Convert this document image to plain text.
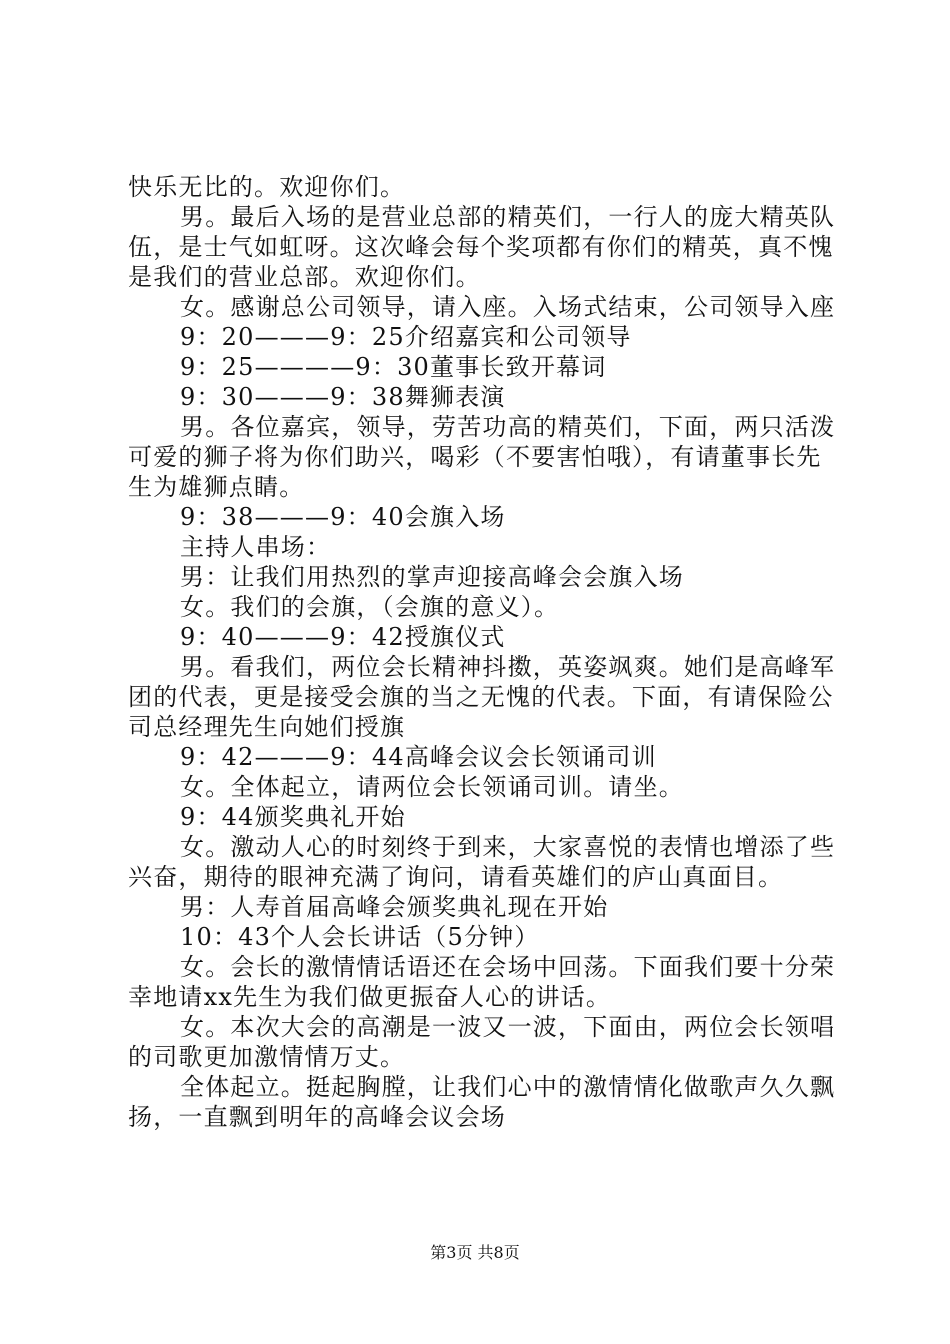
快乐无比的。欢迎你们。

男。最后入场的是营业总部的精英们，一行人的庞大精英队伍，是士气如虹呀。这次峰会每个奖项都有你们的精英，真不愧是我们的营业总部。欢迎你们。

女。感谢总公司领导，请入座。入场式结束，公司领导入座

9：20———9：25介绍嘉宾和公司领导

9：25————9：30董事长致开幕词

9：30———9：38舞狮表演

男。各位嘉宾，领导，劳苦功高的精英们，下面，两只活泼可爱的狮子将为你们助兴，喝彩（不要害怕哦），有请董事长先生为雄狮点睛。

9：38———9：40会旗入场

主持人串场：

男：让我们用热烈的掌声迎接高峰会会旗入场

女。我们的会旗，（会旗的意义）。

9：40———9：42授旗仪式

男。看我们，两位会长精神抖擞，英姿飒爽。她们是高峰军团的代表，更是接受会旗的当之无愧的代表。下面，有请保险公司总经理先生向她们授旗

9：42———9：44高峰会议会长领诵司训

女。全体起立，请两位会长领诵司训。请坐。

9：44颁奖典礼开始

女。激动人心的时刻终于到来，大家喜悦的表情也增添了些兴奋，期待的眼神充满了询问，请看英雄们的庐山真面目。

男：人寿首届高峰会颁奖典礼现在开始

10：43个人会长讲话（5分钟）

女。会长的激情情话语还在会场中回荡。下面我们要十分荣幸地请xx先生为我们做更振奋人心的讲话。

女。本次大会的高潮是一波又一波，下面由，两位会长领唱的司歌更加激情情万丈。

全体起立。挺起胸膛，让我们心中的激情情化做歌声久久飘扬，一直飘到明年的高峰会议会场

第3页 共8页
